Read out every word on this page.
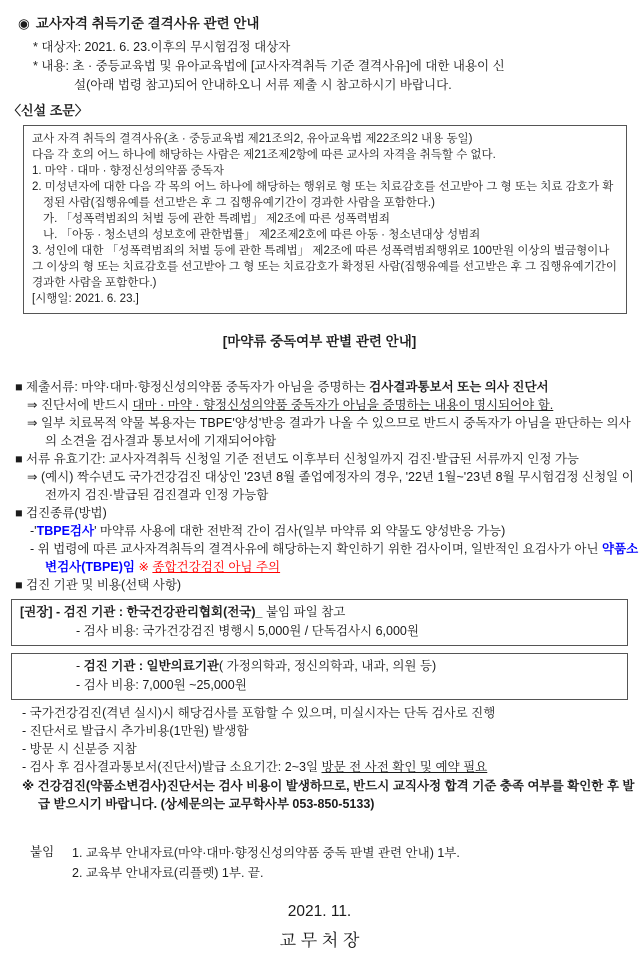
◉ 교사자격 취득기준 결격사유 관련 안내
* 대상자: 2021. 6. 23.이후의 무시험검정 대상자
* 내용: 초 · 중등교육법 및 유아교육법에 [교사자격취득 기준 결격사유]에 대한 내용이 신
설(아래 법령 참고)되어 안내하오니 서류 제출 시 참고하시기 바랍니다.
〈신설 조문〉

교사 자격 취득의 결격사유(초 · 중등교육법 제21조의2, 유아교육법 제22조의2 내용 동일)

다음 각 호의 어느 하나에 해당하는 사람은 제21조제2항에 따른 교사의 자격을 취득할 수 없다.

1. 마약 · 대마 · 향정신성의약품 중독자

2. 미성년자에 대한 다음 각 목의 어느 하나에 해당하는 행위로 형 또는 치료감호를 선고받아 그 형 또는 치료 감호가 확정된 사람(집행유예를 선고받은 후 그 집행유예기간이 경과한 사람을 포함한다.)

가. 「성폭력범죄의 처벌 등에 관한 특례법」 제2조에 따른 성폭력범죄

나. 「아동 · 청소년의 성보호에 관한법률」 제2조제2호에 따른 아동 · 청소년대상 성범죄

3. 성인에 대한 「성폭력범죄의 처벌 등에 관한 특례법」 제2조에 따른 성폭력범죄행위로 100만원 이상의 벌금형이나 그 이상의 형 또는 치료감호를 선고받아 그 형 또는 치료감호가 확정된 사람(집행유예를 선고받은 후 그 집행유예기간이 경과한 사람을 포함한다.)

[시행일: 2021. 6. 23.]

[마약류 중독여부 판별 관련 안내]
■ 제출서류: 마약·대마·향정신성의약품 중독자가 아님을 증명하는 검사결과통보서 또는 의사 진단서
⇒ 진단서에 반드시 대마 · 마약 · 향정신성의약품 중독자가 아님을 증명하는 내용이 명시되어야 함.
⇒ 일부 치료목적 약물 복용자는 TBPE'양성'반응 결과가 나올 수 있으므로 반드시 중독자가 아님을 판단하는 의사의 소견을 검사결과 통보서에 기재되어야함
■ 서류 유효기간: 교사자격취득 신청일 기준 전년도 이후부터 신청일까지 검진·발급된 서류까지 인정 가능
⇒ (예시) 짝수년도 국가건강검진 대상인 '23년 8월 졸업예정자의 경우, '22년 1월~'23년 8월 무시험검정 신청일 이전까지 검진·발급된 검진결과 인정 가능함
■ 검진종류(방법)
-'TBPE검사' 마약류 사용에 대한 전반적 간이 검사(일부 마약류 외 약물도 양성반응 가능)
- 위 법령에 따른 교사자격취득의 결격사유에 해당하는지 확인하기 위한 검사이며, 일반적인 요검사가 아닌 약품소변검사(TBPE)임 ※ 종합건강검진 아님 주의
■ 검진 기관 및 비용(선택 사항)
[권장] - 검진 기관 : 한국건강관리협회(전국)_ 붙임 파일 참고
- 검사 비용: 국가건강검진 병행시 5,000원 / 단독검사시 6,000원
- 검진 기관 : 일반의료기관( 가정의학과, 정신의학과, 내과, 의원 등)
- 검사 비용: 7,000원 ~25,000원
- 국가건강검진(격년 실시)시 해당검사를 포함할 수 있으며, 미실시자는 단독 검사로 진행
- 진단서로 발급시 추가비용(1만원) 발생함
- 방문 시 신분증 지참
- 검사 후 검사결과통보서(진단서)발급 소요기간: 2~3일 방문 전 사전 확인 및 예약 필요
※ 건강검진(약품소변검사)진단서는 검사 비용이 발생하므로, 반드시 교직사정 합격 기준 충족 여부를 확인한 후 발급 받으시기 바랍니다. (상세문의는 교무학사부 053-850-5133)
붙임	1. 교육부 안내자료(마약·대마·향정신성의약품 중독 판별 관련 안내) 1부.
2. 교육부 안내자료(리플렛) 1부. 끝.
2021. 11.
교 무 처 장
